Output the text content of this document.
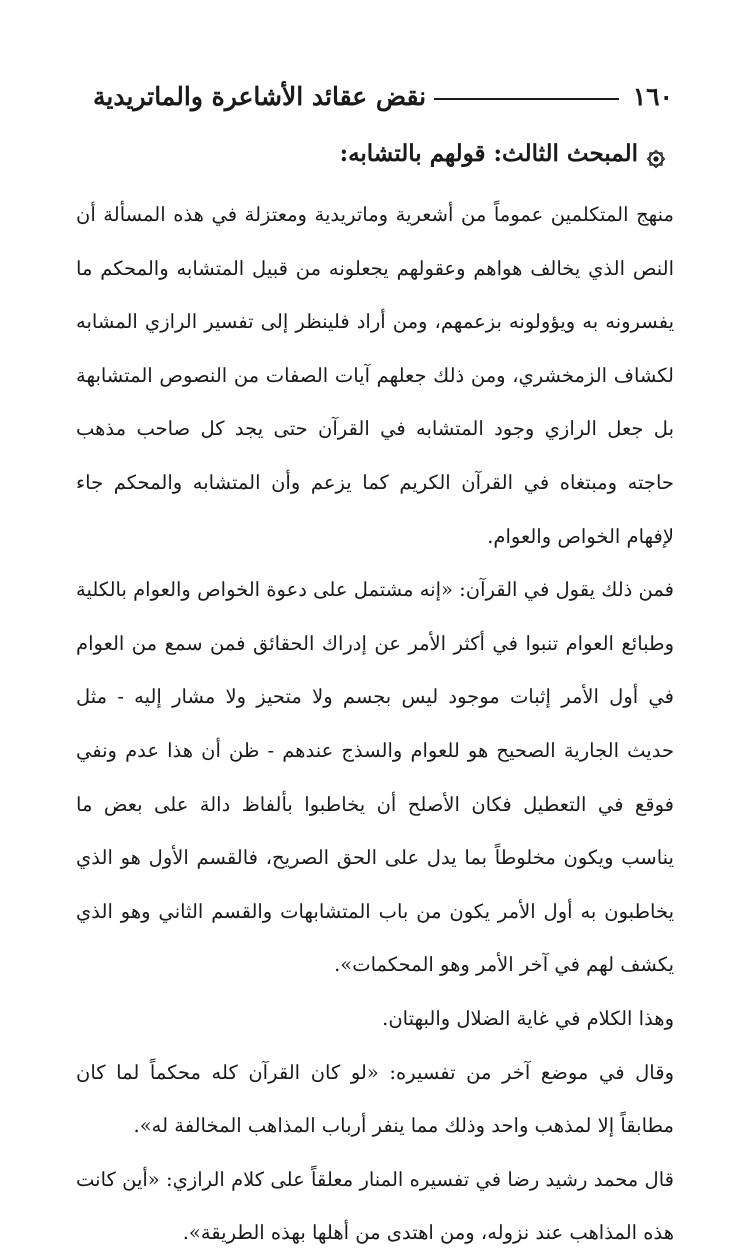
١٦٠
نقض عقائد الأشاعرة والماتريدية
المبحث الثالث: قولهم بالتشابه:

منهج المتكلمين عموماً من أشعرية وماتريدية ومعتزلة في هذه المسألة أن النص الذي يخالف هواهم وعقولهم يجعلونه من قبيل المتشابه والمحكم ما يفسرونه به ويؤولونه بزعمهم، ومن أراد فلينظر إلى تفسير الرازي المشابه لكشاف الزمخشري، ومن ذلك جعلهم آيات الصفات من النصوص المتشابهة بل جعل الرازي وجود المتشابه في القرآن حتى يجد كل صاحب مذهب حاجته ومبتغاه في القرآن الكريم كما يزعم وأن المتشابه والمحكم جاء لإفهام الخواص والعوام.

فمن ذلك يقول في القرآن: «إنه مشتمل على دعوة الخواص والعوام بالكلية وطبائع العوام تنبوا في أكثر الأمر عن إدراك الحقائق فمن سمع من العوام في أول الأمر إثبات موجود ليس بجسم ولا متحيز ولا مشار إليه - مثل حديث الجارية الصحيح هو للعوام والسذج عندهم - ظن أن هذا عدم ونفي فوقع في التعطيل فكان الأصلح أن يخاطبوا بألفاظ دالة على بعض ما يناسب ويكون مخلوطاً بما يدل على الحق الصريح، فالقسم الأول هو الذي يخاطبون به أول الأمر يكون من باب المتشابهات والقسم الثاني وهو الذي يكشف لهم في آخر الأمر وهو المحكمات».

وهذا الكلام في غاية الضلال والبهتان.

وقال في موضع آخر من تفسيره: «لو كان القرآن كله محكماً لما كان مطابقاً إلا لمذهب واحد وذلك مما ينفر أرباب المذاهب المخالفة له».

قال محمد رشيد رضا في تفسيره المنار معلقاً على كلام الرازي: «أين كانت هذه المذاهب عند نزوله، ومن اهتدى من أهلها بهذه الطريقة».
